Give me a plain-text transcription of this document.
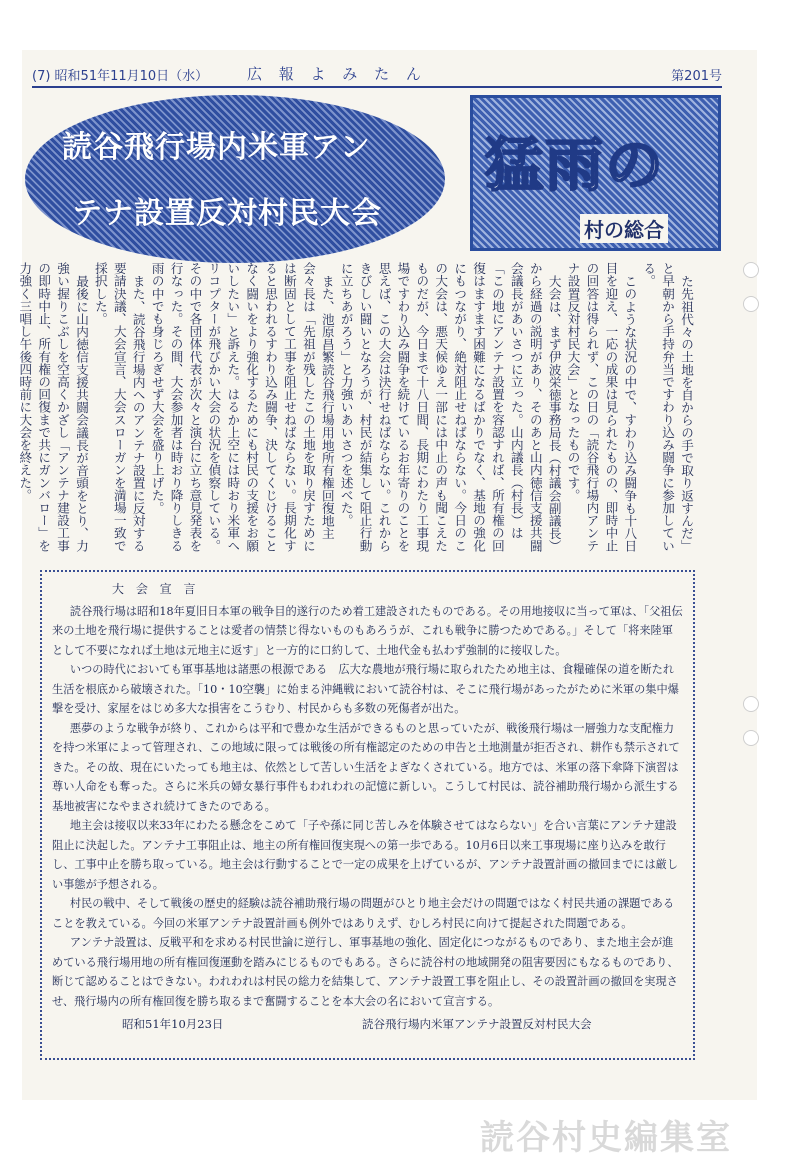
(7) 昭和51年11月10日（水）	広 報 よ み た ん	第201号
読谷飛行場内米軍アン
テナ設置反対村民大会
猛雨の
村の総合

た先祖代々の土地を自からの手で取り返すんだ」と早朝から手持弁当ですわり込み闘争に参加している。

このような状況の中で、すわり込み闘争も十八日目を迎え、一応の成果は見られたものの、即時中止の回答は得られず、この日の「読谷飛行場内アンテナ設置反対村民大会」となったものです。

大会は、まず伊波栄徳事務局長（村議会副議長）から経過の説明があり、そのあと山内徳信支援共闘会議長があいさつに立った。山内議長（村長）は「この地にアンテナ設置を容認すれば、所有権の回復はますます困難になるばかりでなく、基地の強化にもつながり、絶対阻止せねばならない。今日のこの大会は、悪天候ゆえ一部には中止の声も聞こえたものだが、今日まで十八日間、長期にわたり工事現場ですわり込み闘争を続けているお年寄りのことを思えば、この大会は決行せねばならない。これからきびしい闘いとなろうが、村民が結集して阻止行動に立ちあがろう」と力強いあいさつを述べた。

また、池原昌繁読谷飛行場用地所有権回復地主会々長は「先祖が残したこの土地を取り戻すためには断固として工事を阻止せねばならない。長期化すると思われるすわり込み闘争、決してくじけることなく闘いをより強化するためにも村民の支援をお願いしたい」と訴えた。はるか上空には時おり米軍ヘリコプターが飛びかい大会の状況を偵察している。その中で各団体代表が次々と演台に立ち意見発表を行なった。その間、大会参加者は時おり降りしきる雨の中でも身じろぎせず大会を盛り上げた。

また、読谷飛行場内へのアンテナ設置に反対する要請決議、大会宣言、大会スローガンを満場一致で採択した。

最後に山内徳信支援共闘会議長が音頭をとり、力強い握りこぶしを空高くかざし「アンテナ建設工事の即時中止、所有権の回復まで共にガンバロー」を力強く三唱し午後四時前に大会を終えた。

大 会 宣 言

読谷飛行場は昭和18年夏旧日本軍の戦争目的遂行のため着工建設されたものである。その用地接収に当って軍は、「父祖伝来の土地を飛行場に提供することは愛者の情禁じ得ないものもあろうが、これも戦争に勝つためである。」そして「将来陸軍として不要になれば土地は元地主に返す」と一方的に口約して、土地代金も払わず強制的に接収した。

いつの時代においても軍事基地は諸悪の根源である　広大な農地が飛行場に取られたため地主は、食糧確保の道を断たれ生活を根底から破壊された。「10・10空襲」に始まる沖縄戦において読谷村は、そこに飛行場があったがために米軍の集中爆撃を受け、家屋をはじめ多大な損害をこうむり、村民からも多数の死傷者が出た。

悪夢のような戦争が終り、これからは平和で豊かな生活ができるものと思っていたが、戦後飛行場は一層強力な支配権力を持つ米軍によって管理され、この地域に限っては戦後の所有権認定のための申告と土地測量が拒否され、耕作も禁示されてきた。その故、現在にいたっても地主は、依然として苦しい生活をよぎなくされている。地方では、米軍の落下傘降下演習は尊い人命をも奪った。さらに米兵の婦女暴行事件もわれわれの記憶に新しい。こうして村民は、読谷補助飛行場から派生する基地被害になやまされ続けてきたのである。

地主会は接収以来33年にわたる懸念をこめて「子や孫に同じ苦しみを体験させてはならない」を合い言葉にアンテナ建設阻止に決起した。アンテナ工事阻止は、地主の所有権回復実現への第一歩である。10月6日以来工事現場に座り込みを敢行し、工事中止を勝ち取っている。地主会は行動することで一定の成果を上げているが、アンテナ設置計画の撤回までには厳しい事態が予想される。

村民の戦中、そして戦後の歴史的経験は読谷補助飛行場の問題がひとり地主会だけの問題ではなく村民共通の課題であることを教えている。今回の米軍アンテナ設置計画も例外ではありえず、むしろ村民に向けて提起された問題である。

アンテナ設置は、反戦平和を求める村民世論に逆行し、軍事基地の強化、固定化につながるものであり、また地主会が進めている飛行場用地の所有権回復運動を踏みにじるものでもある。さらに読谷村の地域開発の阻害要因にもなるものであり、断じて認めることはできない。われわれは村民の総力を結集して、アンテナ設置工事を阻止し、その設置計画の撤回を実現させ、飛行場内の所有権回復を勝ち取るまで奮闘することを本大会の名において宣言する。

昭和51年10月23日	読谷飛行場内米軍アンテナ設置反対村民大会
読谷村史編集室
